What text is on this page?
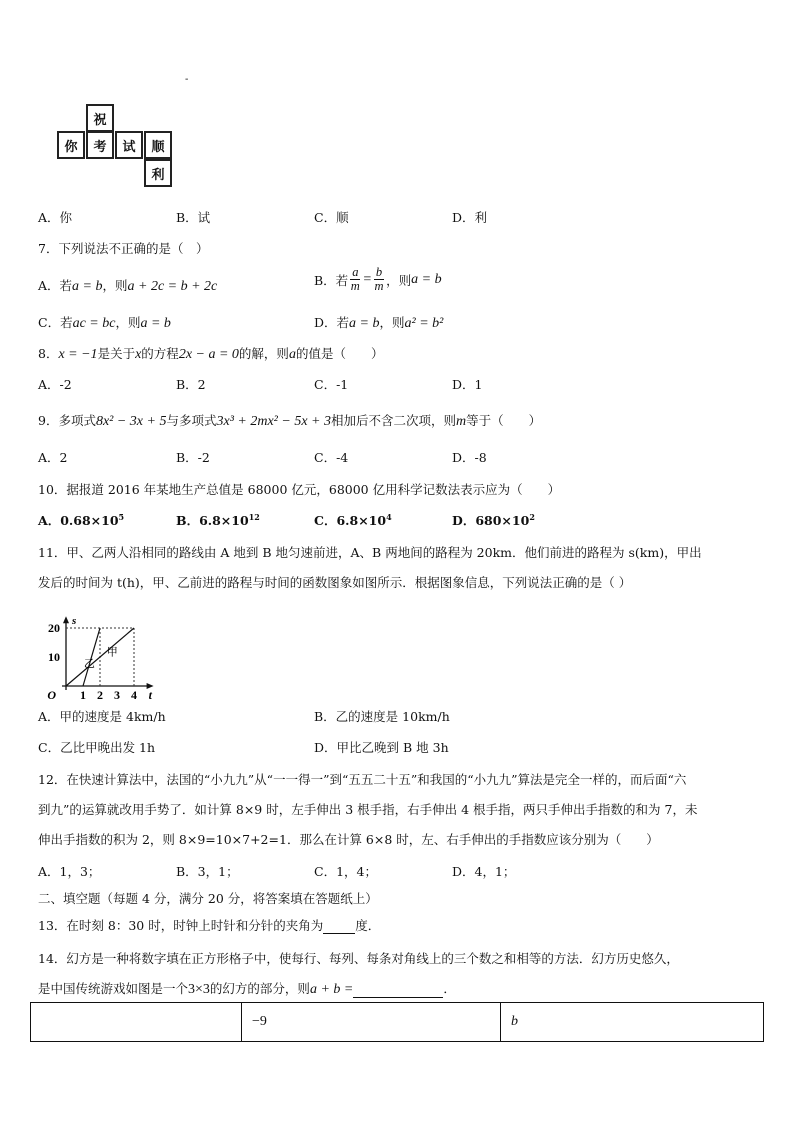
-
祝
你	考	试	顺
利
A．你	B．试	C．顺	D．利
7．下列说法不正确的是（　）
A．若a = b，则a + 2c = b + 2c	B．若 $\frac{a}{m} = \frac{b}{m}$ ，则 a = b
C．若ac = bc，则a = b	D．若a = b，则a² = b²
8．x = −1是关于x的方程2x − a = 0的解，则a的值是（　　）
A．-2	B．2	C．-1	D．1
9．多项式8x² − 3x + 5与多项式3x³ + 2mx² − 5x + 3相加后不含二次项，则m等于（　　）
A．2	B．-2	C．-4	D．-8
10．据报道 2016 年某地生产总值是 68000 亿元，68000 亿用科学记数法表示应为（　　）
A．$0.68\times 10^5$	B．$6.8\times 10^{12}$	C．$6.8\times 10^4$	D．$680\times 10^2$
11．甲、乙两人沿相同的路线由 A 地到 B 地匀速前进，A、B 两地间的路程为 20km．他们前进的路程为 s(km)，甲出
发后的时间为 t(h)，甲、乙前进的路程与时间的函数图象如图所示．根据图象信息，下列说法正确的是（ ）
1 2 3 4
10
20
O
s
t
乙
甲
A．甲的速度是 4km/h	B．乙的速度是 10km/h
C．乙比甲晚出发 1h	D．甲比乙晚到 B 地 3h
12．在快速计算法中，法国的“小九九”从“一一得一”到“五五二十五”和我国的“小九九”算法是完全一样的，而后面“六
到九”的运算就改用手势了．如计算 8×9 时，左手伸出 3 根手指，右手伸出 4 根手指，两只手伸出手指数的和为 7，未
伸出手指数的积为 2，则 8×9=10×7+2=1．那么在计算 6×8 时，左、右手伸出的手指数应该分别为（　　）
A．1，3；	B．3，1；	C．1，4；	D．4，1；
二、填空题（每题 4 分，满分 20 分，将答案填在答题纸上）
13．在时刻 8：30 时，时钟上时针和分针的夹角为	度．
14．幻方是一种将数字填在正方形格子中，使每行、每列、每条对角线上的三个数之和相等的方法．幻方历史悠久，
是中国传统游戏如图是一个3×3的幻方的部分，则a + b =	．
	−9	b
